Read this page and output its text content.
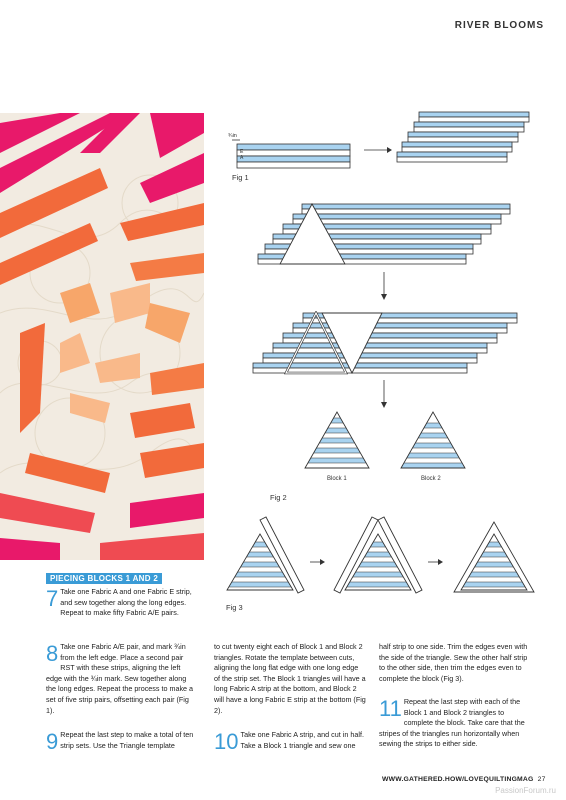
RIVER BLOOMS
¾in
E
A
Fig 1
Block 1	Block 2
Fig 2
Fig 3
PIECING BLOCKS 1 AND 2
7 Take one Fabric A and one Fabric E strip, and sew together along the long edges. Repeat to make fifty Fabric A/E pairs.
8 Take one Fabric A/E pair, and mark ¾in from the left edge. Place a second pair RST with these strips, aligning the left edge with the ¾in mark. Sew together along the long edges. Repeat the process to make a set of five strip pairs, offsetting each pair (Fig 1).
9 Repeat the last step to make a total of ten strip sets. Use the Triangle template
to cut twenty eight each of Block 1 and Block 2 triangles. Rotate the template between cuts, aligning the long flat edge with one long edge of the strip set. The Block 1 triangles will have a long Fabric A strip at the bottom, and Block 2 will have a long Fabric E strip at the bottom (Fig 2).
10 Take one Fabric A strip, and cut in half. Take a Block 1 triangle and sew one
half strip to one side. Trim the edges even with the side of the triangle. Sew the other half strip to the other side, then trim the edges even to complete the block (Fig 3).
11 Repeat the last step with each of the Block 1 and Block 2 triangles to complete the block. Take care that the stripes of the triangles run horizontally when sewing the strips to either side.
WWW.GATHERED.HOW/LOVEQUILTINGMAG 27
PassionForum.ru
